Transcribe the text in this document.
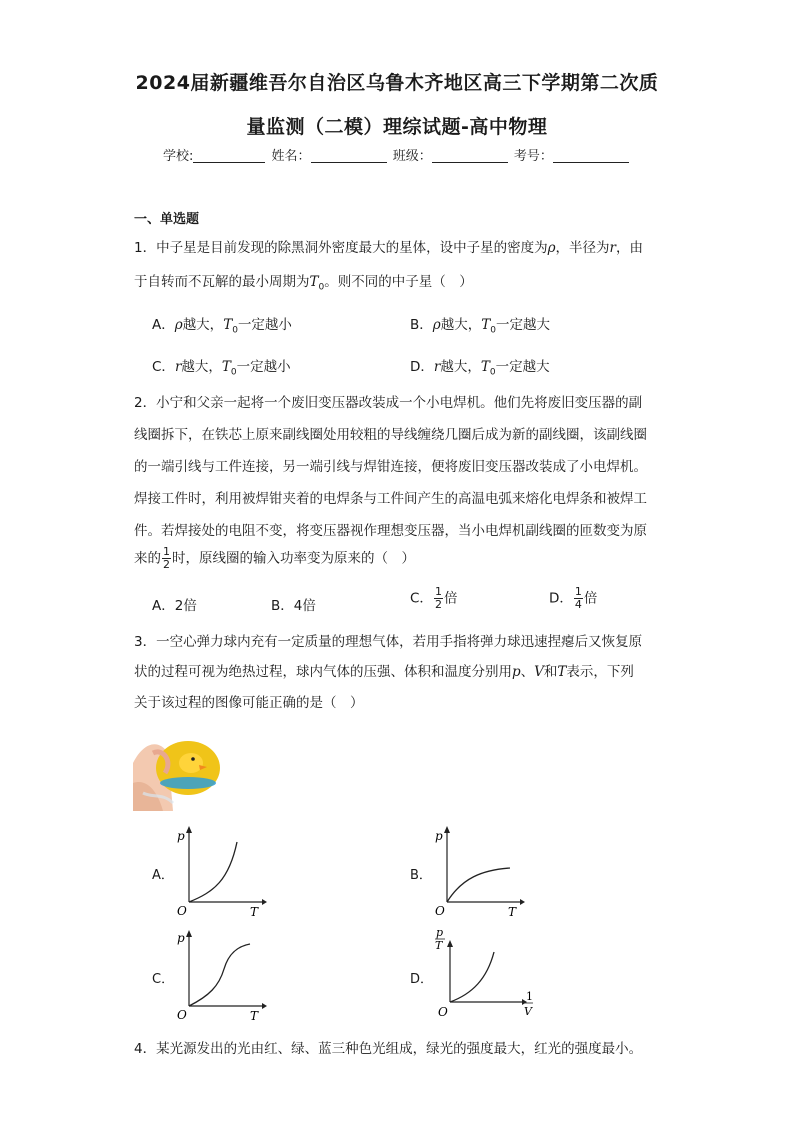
2024届新疆维吾尔自治区乌鲁木齐地区高三下学期第二次质
量监测（二模）理综试题-高中物理
学校:	姓名：	班级：	考号：
一、单选题
1．中子星是目前发现的除黑洞外密度最大的星体，设中子星的密度为ρ，半径为r，由
于自转而不瓦解的最小周期为$T_0$。则不同的中子星（　）
A．ρ越大，$T_0$一定越小	B．ρ越大，$T_0$一定越大
C．r越大，$T_0$一定越小	D．r越大，$T_0$一定越大
2．小宁和父亲一起将一个废旧变压器改装成一个小电焊机。他们先将废旧变压器的副
线圈拆下，在铁芯上原来副线圈处用较粗的导线缠绕几圈后成为新的副线圈，该副线圈
的一端引线与工件连接，另一端引线与焊钳连接，便将废旧变压器改装成了小电焊机。
焊接工件时，利用被焊钳夹着的电焊条与工件间产生的高温电弧来熔化电焊条和被焊工
件。若焊接处的电阻不变，将变压器视作理想变压器，当小电焊机副线圈的匝数变为原
来的 $\frac{1}{2}$ 时，原线圈的输入功率变为原来的（　）
A．2倍	B．4倍	C． $\frac{1}{2}$ 倍	D． $\frac{1}{4}$ 倍
3．一空心弹力球内充有一定质量的理想气体，若用手指将弹力球迅速捏瘪后又恢复原
状的过程可视为绝热过程，球内气体的压强、体积和温度分别用p、V和T表示，下列
关于该过程的图像可能正确的是（　）
A．
p
O	T
B．
p
O	T
C．
p
O	T
D．
p
T
O
1
V
4．某光源发出的光由红、绿、蓝三种色光组成，绿光的强度最大，红光的强度最小。
